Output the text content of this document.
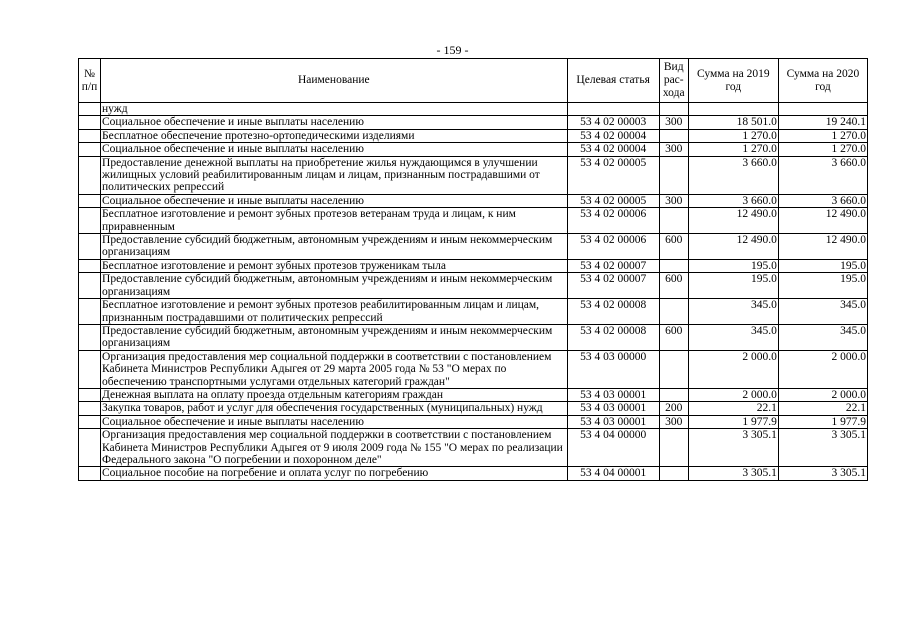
- 159 -
№ п/п	Наименование	Целевая статья	Вид рас-хода	Сумма на 2019 год	Сумма на 2020 год
	нужд				
	Социальное обеспечение и иные выплаты населению	53 4 02 00003	300	18 501.0	19 240.1
	Бесплатное обеспечение протезно-ортопедическими изделиями	53 4 02 00004		1 270.0	1 270.0
	Социальное обеспечение и иные выплаты населению	53 4 02 00004	300	1 270.0	1 270.0
	Предоставление денежной выплаты на приобретение жилья нуждающимся в улучшении жилищных условий реабилитированным лицам и лицам, признанным пострадавшими от политических репрессий	53 4 02 00005		3 660.0	3 660.0
	Социальное обеспечение и иные выплаты населению	53 4 02 00005	300	3 660.0	3 660.0
	Бесплатное изготовление и ремонт зубных протезов ветеранам труда и лицам, к ним приравненным	53 4 02 00006		12 490.0	12 490.0
	Предоставление субсидий бюджетным, автономным учреждениям и иным некоммерческим организациям	53 4 02 00006	600	12 490.0	12 490.0
	Бесплатное изготовление и ремонт зубных протезов труженикам тыла	53 4 02 00007		195.0	195.0
	Предоставление субсидий бюджетным, автономным учреждениям и иным некоммерческим организациям	53 4 02 00007	600	195.0	195.0
	Бесплатное изготовление и ремонт зубных протезов реабилитированным лицам и лицам, признанным пострадавшими от политических репрессий	53 4 02 00008		345.0	345.0
	Предоставление субсидий бюджетным, автономным учреждениям и иным некоммерческим организациям	53 4 02 00008	600	345.0	345.0
	Организация предоставления мер социальной поддержки в соответствии с постановлением Кабинета Министров Республики Адыгея от 29 марта 2005 года № 53 "О мерах по обеспечению транспортными услугами отдельных категорий граждан"	53 4 03 00000		2 000.0	2 000.0
	Денежная выплата на оплату проезда отдельным категориям граждан	53 4 03 00001		2 000.0	2 000.0
	Закупка товаров, работ и услуг для обеспечения государственных (муниципальных) нужд	53 4 03 00001	200	22.1	22.1
	Социальное обеспечение и иные выплаты населению	53 4 03 00001	300	1 977.9	1 977.9
	Организация предоставления мер социальной поддержки в соответствии с постановлением Кабинета Министров Республики Адыгея от 9 июля 2009 года № 155 "О мерах по реализации Федерального закона "О погребении и похоронном деле"	53 4 04 00000		3 305.1	3 305.1
	Социальное пособие на погребение и оплата услуг по погребению	53 4 04 00001		3 305.1	3 305.1
